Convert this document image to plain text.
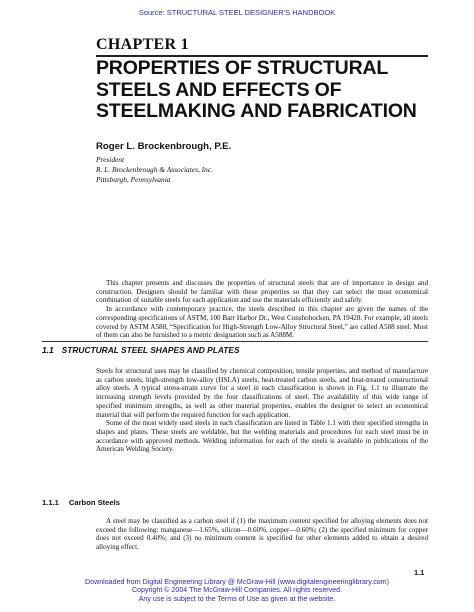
Source: STRUCTURAL STEEL DESIGNER'S HANDBOOK
CHAPTER 1
PROPERTIES OF STRUCTURAL
STEELS AND EFFECTS OF
STEELMAKING AND FABRICATION
Roger L. Brockenbrough, P.E.
President
R. L. Brockenbrough & Associates, Inc.
Pittsburgh, Pennsylvania

This chapter presents and discusses the properties of structural steels that are of importance in design and construction. Designers should be familiar with these properties so that they can select the most economical combination of suitable steels for each application and use the materials efficiently and safely.

In accordance with contemporary practice, the steels described in this chapter are given the names of the corresponding specifications of ASTM, 100 Barr Harbor Dr., West Conshohocken, PA 19428. For example, all steels covered by ASTM A588, “Specification for High-Strength Low-Alloy Structural Steel,” are called A588 steel. Most of them can also be furnished to a metric designation such as A588M.

1.1 STRUCTURAL STEEL SHAPES AND PLATES

Steels for structural uses may be classified by chemical composition, tensile properties, and method of manufacture as carbon steels, high-strength low-alloy (HSLA) steels, heat-treated carbon steels, and heat-treated constructional alloy steels. A typical stress-strain curve for a steel in each classification is shown in Fig. 1.1 to illustrate the increasing strength levels provided by the four classifications of steel. The availability of this wide range of specified minimum strengths, as well as other material properties, enables the designer to select an economical material that will perform the required function for each application.

Some of the most widely used steels in each classification are listed in Table 1.1 with their specified strengths in shapes and plates. These steels are weldable, but the welding materials and procedures for each steel must be in accordance with approved methods. Welding information for each of the steels is available in publications of the American Welding Society.

1.1.1 Carbon Steels

A steel may be classified as a carbon steel if (1) the maximum content specified for alloying elements does not exceed the following: manganese—1.65%, silicon—0.60%, copper—0.60%; (2) the specified minimum for copper does not exceed 0.40%; and (3) no minimum content is specified for other elements added to obtain a desired alloying effect.

1.1
Downloaded from Digital Engineering Library @ McGraw-Hill (www.digitalengineeringlibrary.com)
Copyright © 2004 The McGraw-Hill Companies. All rights reserved.
Any use is subject to the Terms of Use as given at the website.
